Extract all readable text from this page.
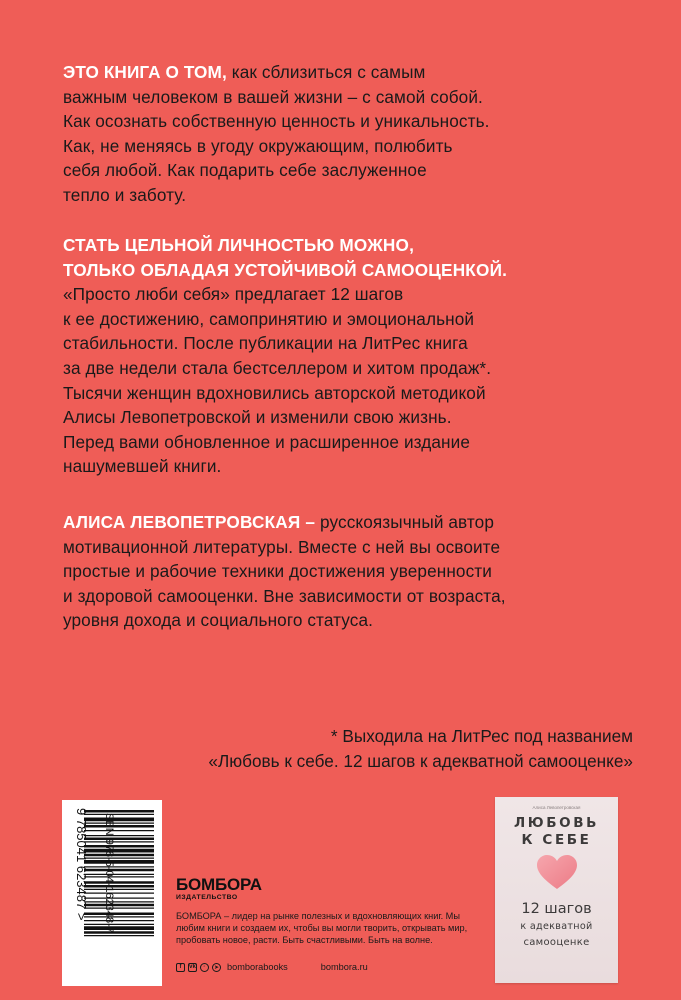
ЭТО КНИГА О ТОМ, как сблизиться с самым
важным человеком в вашей жизни – с самой собой.
Как осознать собственную ценность и уникальность.
Как, не меняясь в угоду окружающим, полюбить
себя любой. Как подарить себе заслуженное
тепло и заботу.

СТАТЬ ЦЕЛЬНОЙ ЛИЧНОСТЬЮ МОЖНО,
ТОЛЬКО ОБЛАДАЯ УСТОЙЧИВОЙ САМООЦЕНКОЙ.
«Просто люби себя» предлагает 12 шагов
к ее достижению, самопринятию и эмоциональной
стабильности. После публикации на ЛитРес книга
за две недели стала бестселлером и хитом продаж*.
Тысячи женщин вдохновились авторской методикой
Алисы Левопетровской и изменили свою жизнь.
Перед вами обновленное и расширенное издание
нашумевшей книги.

АЛИСА ЛЕВОПЕТРОВСКАЯ – русскоязычный автор
мотивационной литературы. Вместе с ней вы освоите
простые и рабочие техники достижения уверенности
и здоровой самооценки. Вне зависимости от возраста,
уровня дохода и социального статуса.

* Выходила на ЛитРес под названием
«Любовь к себе. 12 шагов к адекватной самооценке»

9 785041 623487 > ISBN 978-5-04-162348-7	БОМБОРА
ИЗДАТЕЛЬСТВО
БОМБОРА – лидер на рынке полезных и вдохновляющих книг. Мы любим книги и создаем их, чтобы вы могли творить, открывать мир, пробовать новое, расти. Быть счастливыми. Быть на волне.
f	vk	◦	➤ bomborabooks	bombora.ru
Алиса Левопетровская
ЛЮБОВЬ
К СЕБЕ
12 шагов
к адекватной
самооценке
